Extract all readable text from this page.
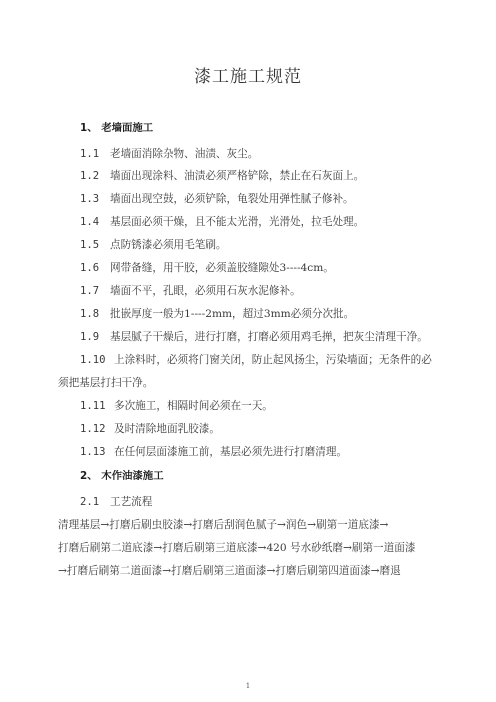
漆工施工规范
1、 老墙面施工
1.1 老墙面消除杂物、油渍、灰尘。
1.2 墙面出现涂料、油渍必须严格铲除，禁止在石灰面上。
1.3 墙面出现空鼓，必须铲除，龟裂处用弹性腻子修补。
1.4 基层面必须干燥，且不能太光滑，光滑处，拉毛处理。
1.5 点防锈漆必须用毛笔刷。
1.6 网带备缝，用干胶，必须盖胶缝隙处3----4cm。
1.7 墙面不平，孔眼，必须用石灰水泥修补。
1.8 批嵌厚度一般为1----2mm，超过3mm必须分次批。
1.9 基层腻子干燥后，进行打磨，打磨必须用鸡毛掸，把灰尘清理干净。
1.10 上涂料时，必须将门窗关闭，防止起风扬尘，污染墙面；无条件的必
须把基层打扫干净。
1.11 多次施工，相隔时间必须在一天。
1.12 及时清除地面乳胶漆。
1.13 在任何层面漆施工前，基层必须先进行打磨清理。
2、 木作油漆施工
2.1 工艺流程
清理基层→打磨后刷虫胶漆→打磨后刮润色腻子→润色→刷第一道底漆→
打磨后刷第二道底漆→打磨后刷第三道底漆→420 号水砂纸磨→刷第一道面漆
→打磨后刷第二道面漆→打磨后刷第三道面漆→打磨后刷第四道面漆→磨退
1
